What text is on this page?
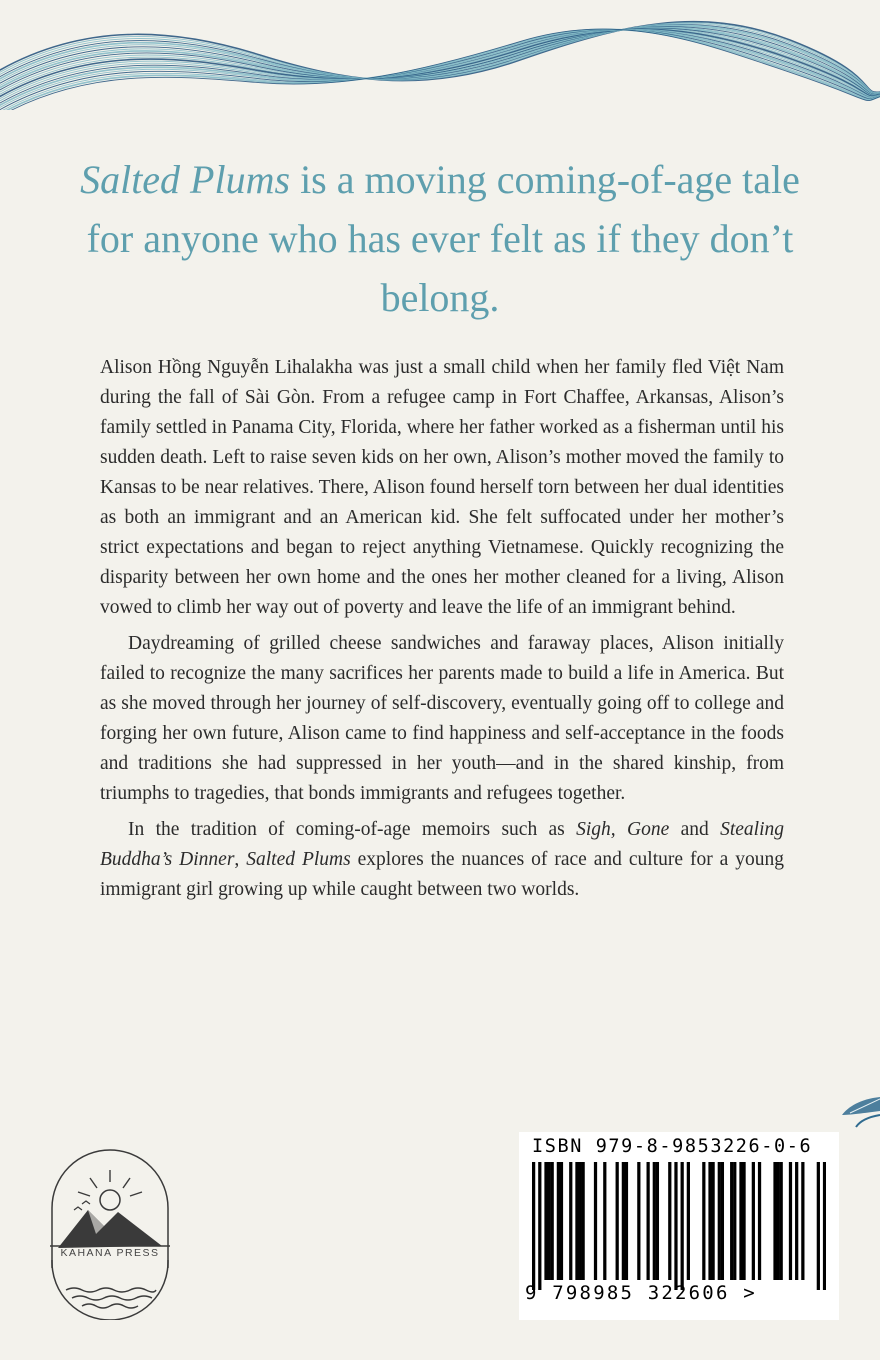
Salted Plums is a moving coming-of-age tale for anyone who has ever felt as if they don’t belong.

Alison Hồng Nguyễn Lihalakha was just a small child when her family fled Việt Nam during the fall of Sài Gòn. From a refugee camp in Fort Chaffee, Arkansas, Alison’s family settled in Panama City, Florida, where her father worked as a fisherman until his sudden death. Left to raise seven kids on her own, Alison’s mother moved the family to Kansas to be near relatives. There, Alison found herself torn between her dual identities as both an immigrant and an American kid. She felt suffocated under her mother’s strict expectations and began to reject anything Vietnamese. Quickly recognizing the disparity between her own home and the ones her mother cleaned for a living, Alison vowed to climb her way out of poverty and leave the life of an immigrant behind.

Daydreaming of grilled cheese sandwiches and faraway places, Alison initially failed to recognize the many sacrifices her parents made to build a life in America. But as she moved through her journey of self-discovery, eventually going off to college and forging her own future, Alison came to find happiness and self-acceptance in the foods and traditions she had suppressed in her youth—and in the shared kinship, from triumphs to tragedies, that bonds immigrants and refugees together.

In the tradition of coming-of-age memoirs such as Sigh, Gone and Stealing Buddha’s Dinner, Salted Plums explores the nuances of race and culture for a young immigrant girl growing up while caught between two worlds.

KAHANA PRESS
ISBN 979-8-9853226-0-6
9 798985 322606 >
